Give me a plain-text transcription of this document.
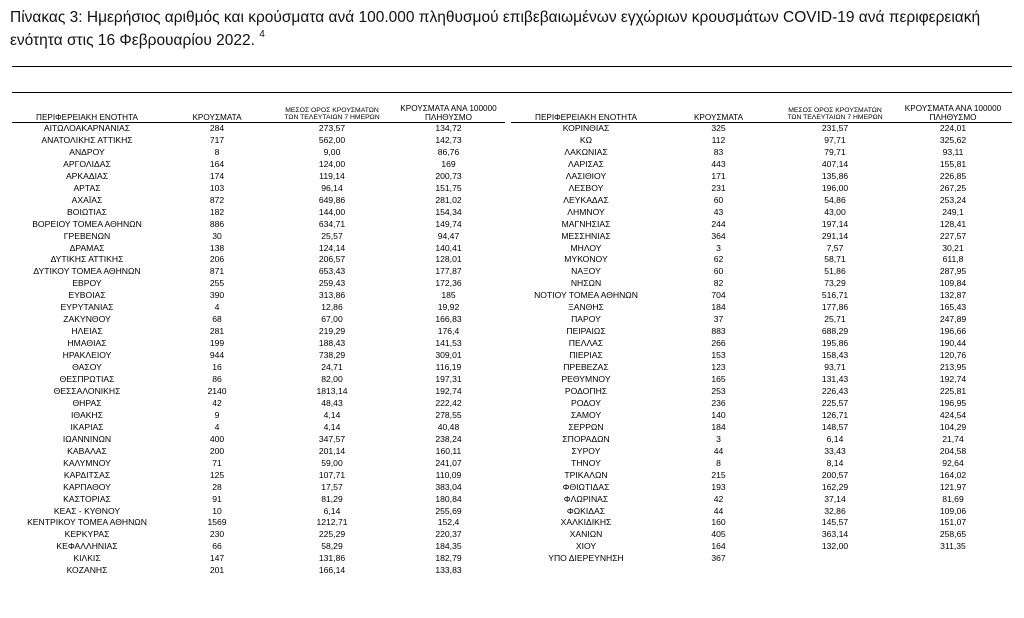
Πίνακας 3: Ημερήσιος αριθμός και κρούσματα ανά 100.000 πληθυσμού επιβεβαιωμένων εγχώριων κρουσμάτων COVID-19 ανά περιφερειακή ενότητα στις 16 Φεβρουαρίου 2022. $^4$
ΠΕΡΙΦΕΡΕΙΑΚΗ ΕΝΟΤΗΤΑ	ΚΡΟΥΣΜΑΤΑ	ΜΕΣΟΣ ΟΡΟΣ ΚΡΟΥΣΜΑΤΩΝ
ΤΩΝ ΤΕΛΕΥΤΑΙΩΝ 7 ΗΜΕΡΩΝ	ΚΡΟΥΣΜΑΤΑ ΑΝΑ 100000
ΠΛΗΘΥΣΜΟ
ΑΙΤΩΛΟΑΚΑΡΝΑΝΙΑΣ	284	273,57	134,72
ΑΝΑΤΟΛΙΚΗΣ ΑΤΤΙΚΗΣ	717	562,00	142,73
ΑΝΔΡΟΥ	8	9,00	86,76
ΑΡΓΟΛΙΔΑΣ	164	124,00	169
ΑΡΚΑΔΙΑΣ	174	119,14	200,73
ΑΡΤΑΣ	103	96,14	151,75
ΑΧΑΪΑΣ	872	649,86	281,02
ΒΟΙΩΤΙΑΣ	182	144,00	154,34
ΒΟΡΕΙΟΥ ΤΟΜΕΑ ΑΘΗΝΩΝ	886	634,71	149,74
ΓΡΕΒΕΝΩΝ	30	25,57	94,47
ΔΡΑΜΑΣ	138	124,14	140,41
ΔΥΤΙΚΗΣ ΑΤΤΙΚΗΣ	206	206,57	128,01
ΔΥΤΙΚΟΥ ΤΟΜΕΑ ΑΘΗΝΩΝ	871	653,43	177,87
ΕΒΡΟΥ	255	259,43	172,36
ΕΥΒΟΙΑΣ	390	313,86	185
ΕΥΡΥΤΑΝΙΑΣ	4	12,86	19,92
ΖΑΚΥΝΘΟΥ	68	67,00	166,83
ΗΛΕΙΑΣ	281	219,29	176,4
ΗΜΑΘΙΑΣ	199	188,43	141,53
ΗΡΑΚΛΕΙΟΥ	944	738,29	309,01
ΘΑΣΟΥ	16	24,71	116,19
ΘΕΣΠΡΩΤΙΑΣ	86	82,00	197,31
ΘΕΣΣΑΛΟΝΙΚΗΣ	2140	1813,14	192,74
ΘΗΡΑΣ	42	48,43	222,42
ΙΘΑΚΗΣ	9	4,14	278,55
ΙΚΑΡΙΑΣ	4	4,14	40,48
ΙΩΑΝΝΙΝΩΝ	400	347,57	238,24
ΚΑΒΑΛΑΣ	200	201,14	160,11
ΚΑΛΥΜΝΟΥ	71	59,00	241,07
ΚΑΡΔΙΤΣΑΣ	125	107,71	110,09
ΚΑΡΠΑΘΟΥ	28	17,57	383,04
ΚΑΣΤΟΡΙΑΣ	91	81,29	180,84
ΚΕΑΣ - ΚΥΘΝΟΥ	10	6,14	255,69
ΚΕΝΤΡΙΚΟΥ ΤΟΜΕΑ ΑΘΗΝΩΝ	1569	1212,71	152,4
ΚΕΡΚΥΡΑΣ	230	225,29	220,37
ΚΕΦΑΛΛΗΝΙΑΣ	66	58,29	184,35
ΚΙΛΚΙΣ	147	131,86	182,79
ΚΟΖΑΝΗΣ	201	166,14	133,83
ΠΕΡΙΦΕΡΕΙΑΚΗ ΕΝΟΤΗΤΑ	ΚΡΟΥΣΜΑΤΑ	ΜΕΣΟΣ ΟΡΟΣ ΚΡΟΥΣΜΑΤΩΝ
ΤΩΝ ΤΕΛΕΥΤΑΙΩΝ 7 ΗΜΕΡΩΝ	ΚΡΟΥΣΜΑΤΑ ΑΝΑ 100000
ΠΛΗΘΥΣΜΟ
ΚΟΡΙΝΘΙΑΣ	325	231,57	224,01
ΚΩ	112	97,71	325,62
ΛΑΚΩΝΙΑΣ	83	79,71	93,11
ΛΑΡΙΣΑΣ	443	407,14	155,81
ΛΑΣΙΘΙΟΥ	171	135,86	226,85
ΛΕΣΒΟΥ	231	196,00	267,25
ΛΕΥΚΑΔΑΣ	60	54,86	253,24
ΛΗΜΝΟΥ	43	43,00	249,1
ΜΑΓΝΗΣΙΑΣ	244	197,14	128,41
ΜΕΣΣΗΝΙΑΣ	364	291,14	227,57
ΜΗΛΟΥ	3	7,57	30,21
ΜΥΚΟΝΟΥ	62	58,71	611,8
ΝΑΞΟΥ	60	51,86	287,95
ΝΗΣΩΝ	82	73,29	109,84
ΝΟΤΙΟΥ ΤΟΜΕΑ ΑΘΗΝΩΝ	704	516,71	132,87
ΞΑΝΘΗΣ	184	177,86	165,43
ΠΑΡΟΥ	37	25,71	247,89
ΠΕΙΡΑΙΩΣ	883	688,29	196,66
ΠΕΛΛΑΣ	266	195,86	190,44
ΠΙΕΡΙΑΣ	153	158,43	120,76
ΠΡΕΒΕΖΑΣ	123	93,71	213,95
ΡΕΘΥΜΝΟΥ	165	131,43	192,74
ΡΟΔΟΠΗΣ	253	226,43	225,81
ΡΟΔΟΥ	236	225,57	196,95
ΣΑΜΟΥ	140	126,71	424,54
ΣΕΡΡΩΝ	184	148,57	104,29
ΣΠΟΡΑΔΩΝ	3	6,14	21,74
ΣΥΡΟΥ	44	33,43	204,58
ΤΗΝΟΥ	8	8,14	92,64
ΤΡΙΚΑΛΩΝ	215	200,57	164,02
ΦΘΙΩΤΙΔΑΣ	193	162,29	121,97
ΦΛΩΡΙΝΑΣ	42	37,14	81,69
ΦΩΚΙΔΑΣ	44	32,86	109,06
ΧΑΛΚΙΔΙΚΗΣ	160	145,57	151,07
ΧΑΝΙΩΝ	405	363,14	258,65
ΧΙΟΥ	164	132,00	311,35
ΥΠΟ ΔΙΕΡΕΥΝΗΣΗ	367		
